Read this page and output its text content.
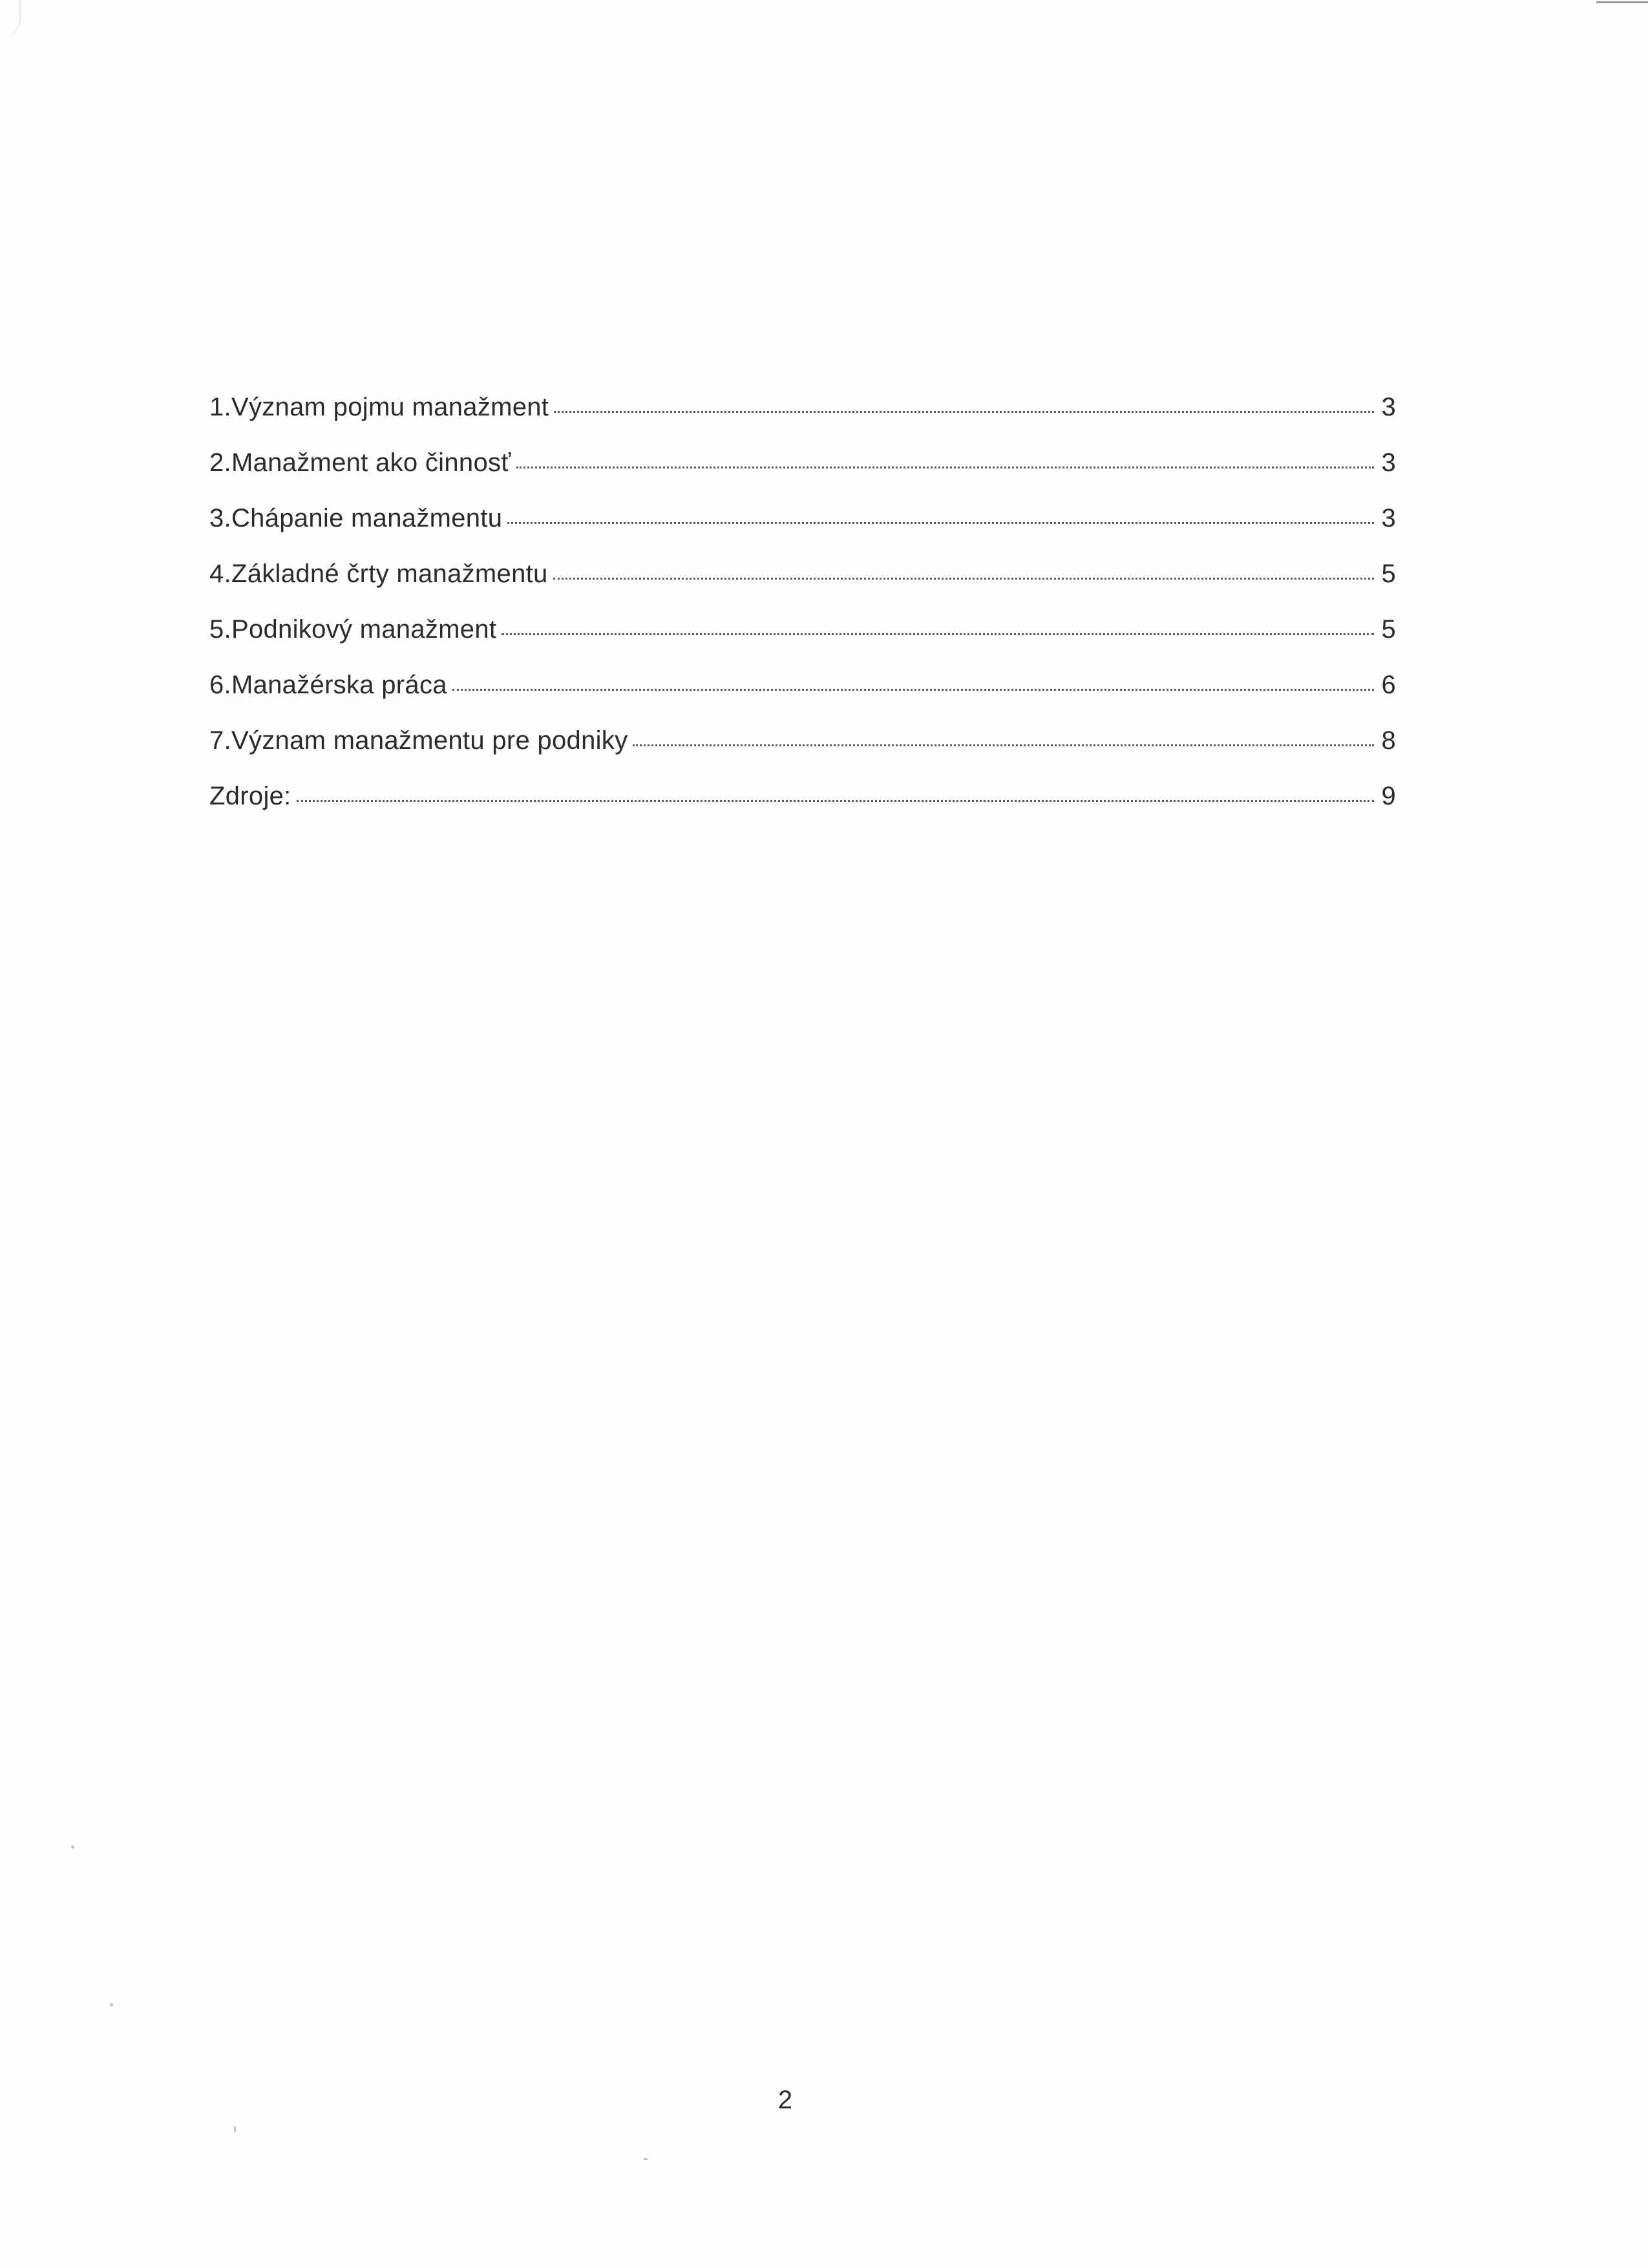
1.Význam pojmu manažment	3
2.Manažment ako činnosť	3
3.Chápanie manažmentu	3
4.Základné črty manažmentu	5
5.Podnikový manažment	5
6.Manažérska práca	6
7.Význam manažmentu pre podniky	8
Zdroje:	9
2
